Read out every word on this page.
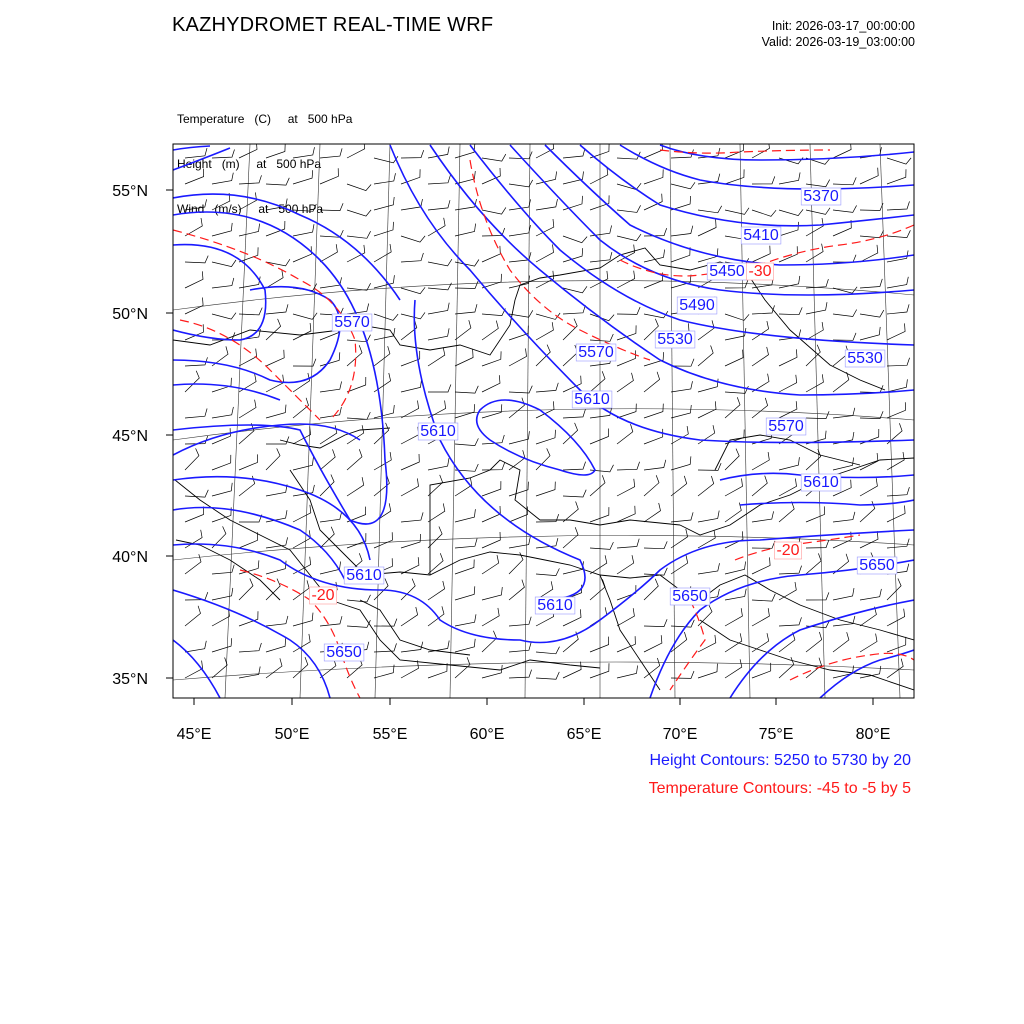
KAZHYDROMET REAL-TIME WRF	Init: 2026-03-17_00:00:00
Valid: 2026-03-19_03:00:00

Temperature   (C)     at   500 hPa

Height   (m)     at   500 hPa

Wind   (m/s)     at   500 hPa

45°E	50°E	55°E	60°E	65°E	70°E	75°E	80°E
55°N
50°N
45°N
40°N
35°N
5370
5410
5450
5490
5530
5530
5570
5570
5570
5610
5610
5610
5610
5610
5650
5650
5650
-30
-20
-20
Height Contours: 5250 to 5730 by 20
Temperature Contours: -45 to -5 by 5
